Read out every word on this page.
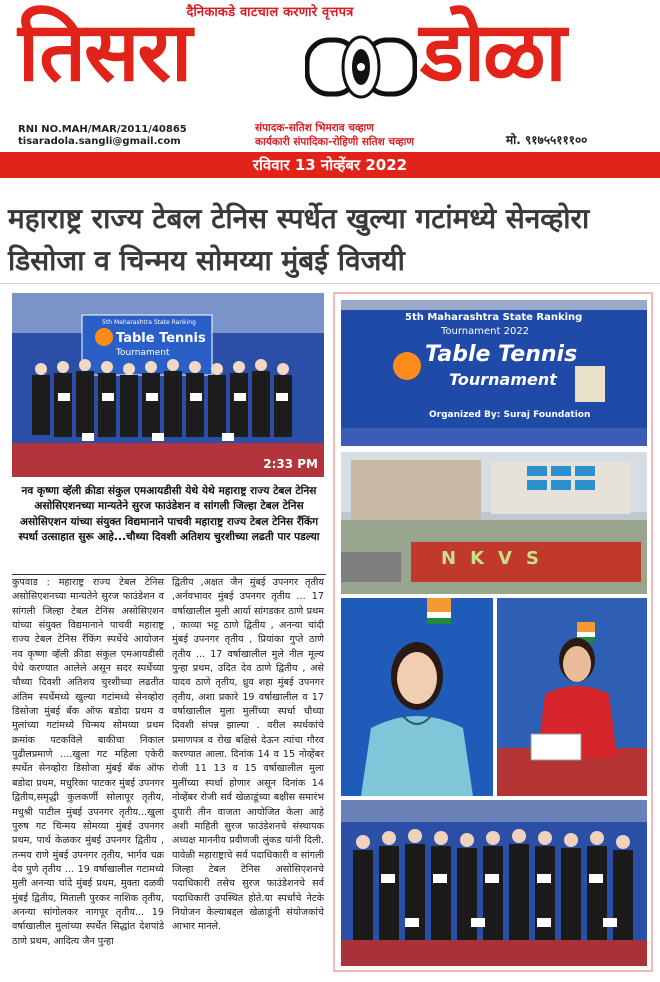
दैनिकाकडे वाटचाल करणारे वृत्तपत्र
तिसरा	डोळा
RNI NO.MAH/MAR/2011/40865
tisaradola.sangli@gmail.com
संपादक-सतिश भिमराव चव्हाण
कार्यकारी संपादिका-रोहिणी सतिश चव्हाण	मो. ९१७५५१११००
रविवार 13 नोव्हेंबर 2022
महाराष्ट्र राज्य टेबल टेनिस स्पर्धेत खुल्या गटांमध्ये सेनव्होरा डिसोजा व चिन्मय सोमय्या मुंबई विजयी
5th Maharashtra State Ranking
Table Tennis
Tournament
2:33 PM
नव कृष्णा व्हॅली क्रीडा संकुल एमआयडीसी येथे येथे महाराष्ट्र राज्य टेबल टेनिस असोसिएशनच्या मान्यतेने सुरज फाउंडेशन व सांगली जिल्हा टेबल टेनिस असोसिएशन यांच्या संयुक्त विद्यमानाने पाचवी महाराष्ट्र राज्य टेबल टेनिस रँकिंग स्पर्धा उत्साहात सुरू आहे...चौथ्या दिवशी अतिशय चुरशीच्या लढती पार पडल्या
कुपवाड : महाराष्ट्र राज्य टेबल टेनिस असोसिएशनच्या मान्यतेने सुरज फाउंडेशन व सांगली जिल्हा टेबल टेनिस असोसिएशन यांच्या संयुक्त विद्यमानाने पाचवी महाराष्ट्र राज्य टेबल टेनिस रँकिंग स्पर्धेचे आयोजन नव कृष्णा व्हॅली क्रीडा संकुल एमआयडीसी येथे करण्यात आलेले असून सदर स्पर्धेच्या चौथ्या दिवशी अतिशय चुरशीच्या लढतीत अंतिम स्पर्धेमध्ये खुल्या गटांमध्ये सेनव्होरा डिसोजा मुंबई बँक ऑफ बडोदा प्रथम व मुलांच्या गटांमध्ये चिन्मय सोमय्या प्रथम क्रमांक पटकविले बाकीचा निकाल पुढीलप्रमाणे ....खुला गट महिला एकेरी स्पर्धेत सेनव्होरा डिसोजा मुंबई बँक ऑफ बडोदा प्रथम, मधुरिका पाटकर मुंबई उपनगर द्वितीय,समृद्धी कुलकर्णी सोलापूर तृतीय, मधुश्री पाटील मुंबई उपनगर तृतीय...खुला पुरुष गट चिन्मय सोमय्या मुंबई उपनगर प्रथम, पार्थ केळकर मुंबई उपनगर द्वितीय , तन्मय राणे मुंबई उपनगर तृतीय, भार्गव चक्र देव पुणे तृतीय ... 19 वर्षाखालील गटामध्ये मुली अनन्या चांदे मुंबई प्रथम, मुक्ता दळवी मुंबई द्वितीय, मिताली पुरकर नाशिक तृतीय, अनन्या सांगोलकर नागपूर तृतीय... 19 वर्षाखालील मुलांच्या स्पर्धेत सिद्धांत देशपांडे ठाणे प्रथम, आदित्य जैन पुन्हा
द्वितीय ,अक्षत जैन मुंबई उपनगर तृतीय ,अर्नवभावर मुंबई उपनगर तृतीय ... 17 वर्षाखालील मुली आर्या सांगडकर ठाणे प्रथम , काव्या भट्ट ठाणे द्वितीय , अनन्या चांदी मुंबई उपनगर तृतीय , प्रियांका गुप्ते ठाणे तृतीय ... 17 वर्षाखालील मुले नील मूल्य पुन्हा प्रथम, उदित देव ठाणे द्वितीय , असे यादव ठाणे तृतीय, ध्रुव शहा मुंबई उपनगर तृतीय, अशा प्रकारे 19 वर्षाखालील व 17 वर्षाखालील मुला मुलींच्या स्पर्धा चौथ्या दिवशी संपन्न झाल्या . वरील स्पर्धकांचे प्रमाणपत्र व रोख बक्षिसे देऊन त्यांचा गौरव करण्यात आला. दिनांक 14 व 15 नोव्हेंबर रोजी 11 13 व 15 वर्षाखालील मुला मुलींच्या स्पर्धा होणार असून दिनांक 14 नोव्हेंबर रोजी सर्व खेळाडूंच्या बक्षीस समारंभ दुपारी तीन वाजता आयोजित केला आहे अशी माहिती सुरज फाउंडेशनचे संस्थापक अध्यक्ष माननीय प्रवीणजी लुंकड यांनी दिली. यावेळी महाराष्ट्राचे सर्व पदाधिकारी व सांगली जिल्हा टेबल टेनिस असोसिएशनचे पदाधिकारी तसेच सुरज फाउंडेशनचे सर्व पदाधिकारी उपस्थित होते.या स्पर्धांचे नेटके नियोजन केल्याबद्दल खेळाडूंनी संयोजकांचे आभार मानले.
5th Maharashtra State Ranking
Tournament 2022
Table Tennis
Tournament
Organized By: Suraj Foundation
NKVS
